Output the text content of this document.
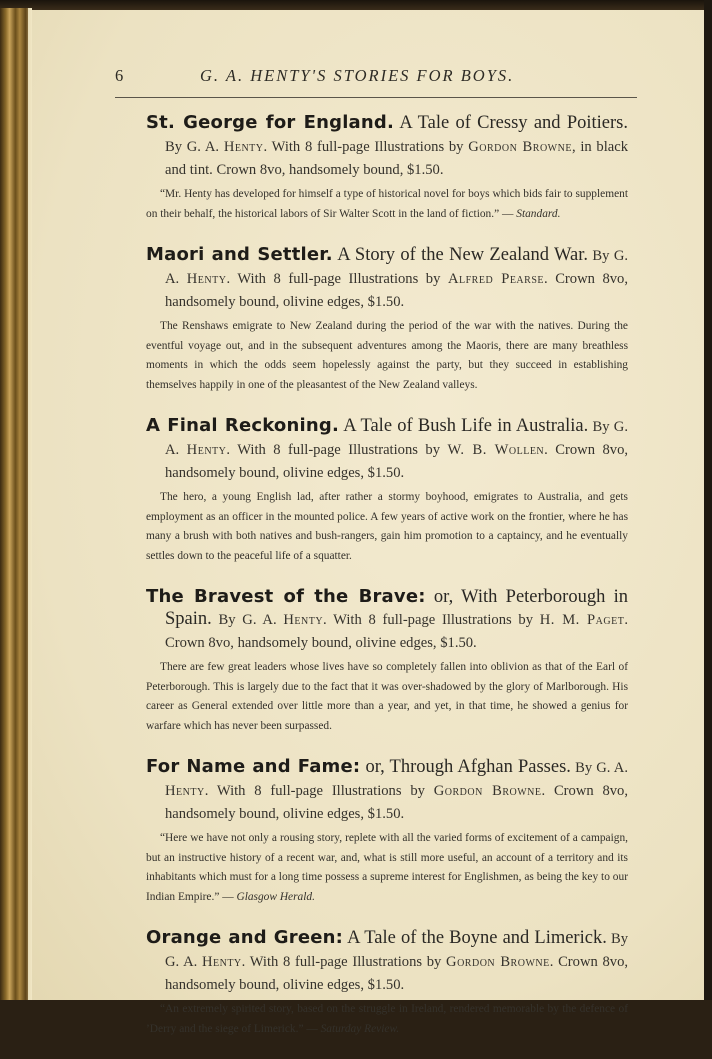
6	G. A. HENTY'S STORIES FOR BOYS.

St. George for England. A Tale of Cressy and Poitiers. By G. A. Henty. With 8 full-page Illustrations by Gordon Browne, in black and tint. Crown 8vo, handsomely bound, $1.50.

“Mr. Henty has developed for himself a type of historical novel for boys which bids fair to supplement on their behalf, the historical labors of Sir Walter Scott in the land of fiction.” — Standard.

Maori and Settler. A Story of the New Zealand War. By G. A. Henty. With 8 full-page Illustrations by Alfred Pearse. Crown 8vo, handsomely bound, olivine edges, $1.50.

The Renshaws emigrate to New Zealand during the period of the war with the natives. During the eventful voyage out, and in the subsequent adventures among the Maoris, there are many breathless moments in which the odds seem hopelessly against the party, but they succeed in establishing themselves happily in one of the pleasantest of the New Zealand valleys.

A Final Reckoning. A Tale of Bush Life in Australia. By G. A. Henty. With 8 full-page Illustrations by W. B. Wollen. Crown 8vo, handsomely bound, olivine edges, $1.50.

The hero, a young English lad, after rather a stormy boyhood, emigrates to Australia, and gets employment as an officer in the mounted police. A few years of active work on the frontier, where he has many a brush with both natives and bush-rangers, gain him promotion to a captaincy, and he eventually settles down to the peaceful life of a squatter.

The Bravest of the Brave: or, With Peterborough in Spain. By G. A. Henty. With 8 full-page Illustrations by H. M. Paget. Crown 8vo, handsomely bound, olivine edges, $1.50.

There are few great leaders whose lives have so completely fallen into oblivion as that of the Earl of Peterborough. This is largely due to the fact that it was over-shadowed by the glory of Marlborough. His career as General extended over little more than a year, and yet, in that time, he showed a genius for warfare which has never been surpassed.

For Name and Fame: or, Through Afghan Passes. By G. A. Henty. With 8 full-page Illustrations by Gordon Browne. Crown 8vo, handsomely bound, olivine edges, $1.50.

“Here we have not only a rousing story, replete with all the varied forms of excitement of a campaign, but an instructive history of a recent war, and, what is still more useful, an account of a territory and its inhabitants which must for a long time possess a supreme interest for Englishmen, as being the key to our Indian Empire.” — Glasgow Herald.

Orange and Green: A Tale of the Boyne and Limerick. By G. A. Henty. With 8 full-page Illustrations by Gordon Browne. Crown 8vo, handsomely bound, olivine edges, $1.50.

“An extremely spirited story, based on the struggle in Ireland, rendered memorable by the defence of ’Derry and the siege of Limerick.” — Saturday Review.
